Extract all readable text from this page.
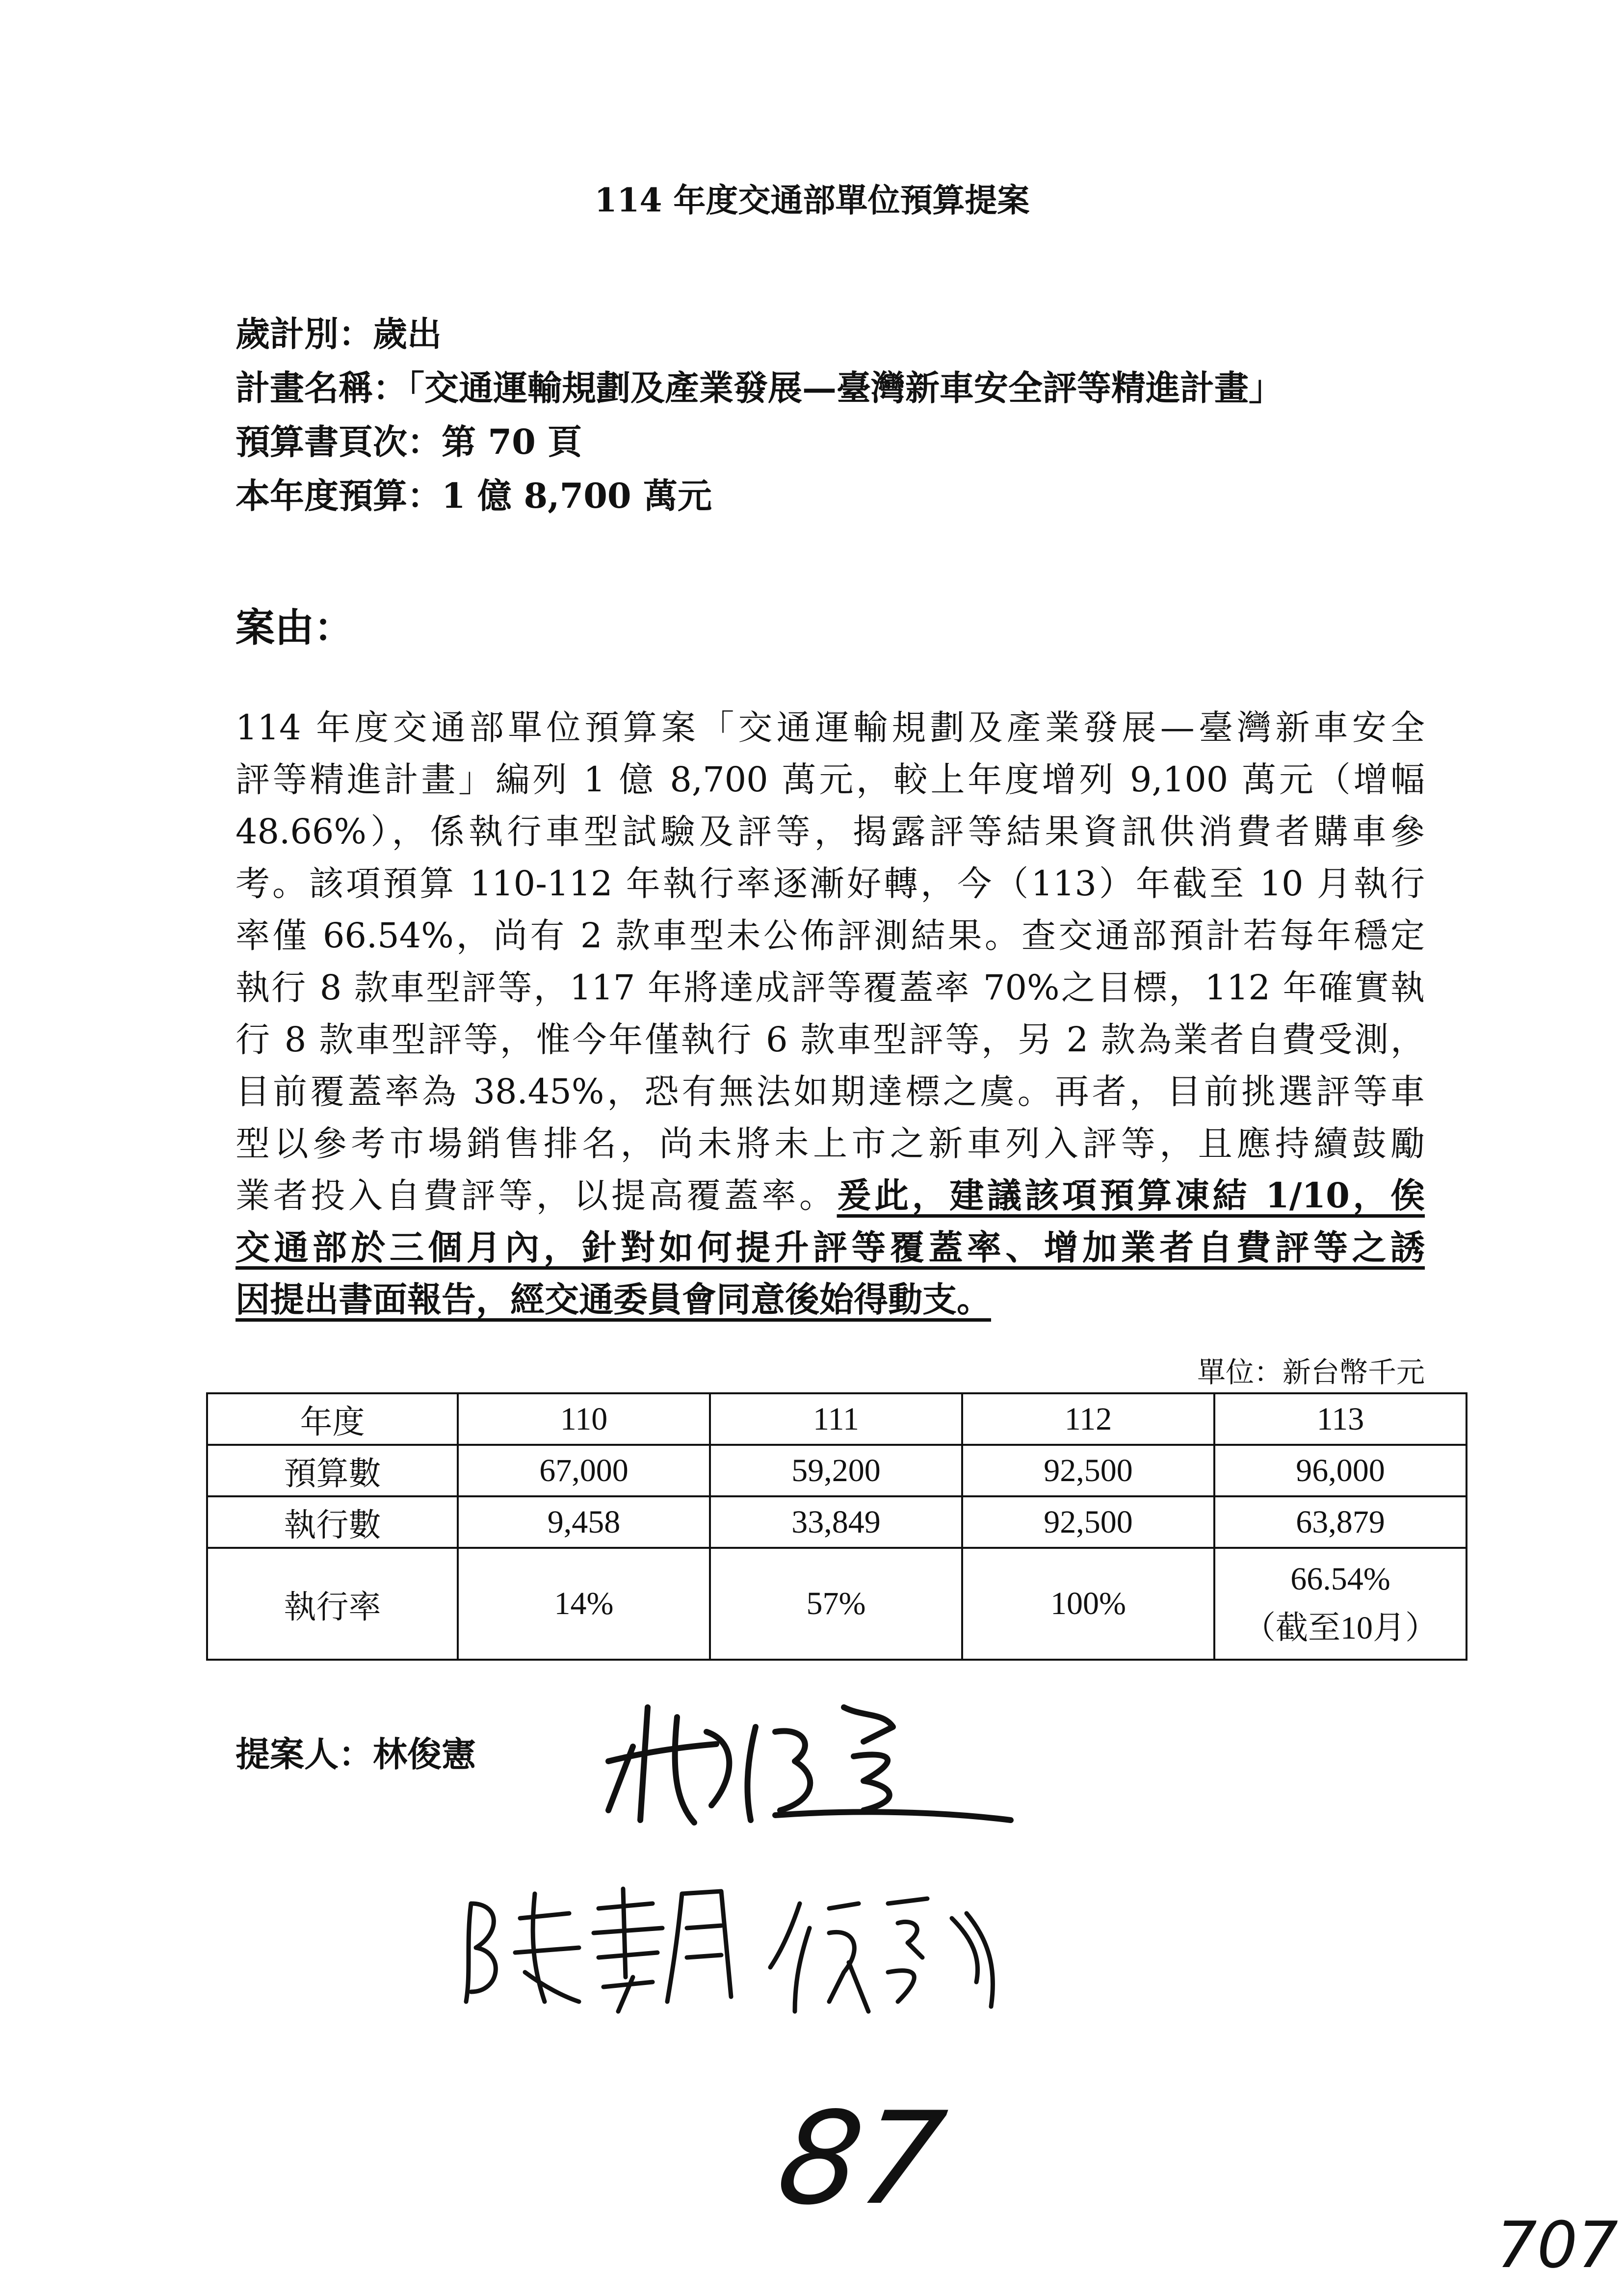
114 年度交通部單位預算提案
歲計別：歲出
計畫名稱：「交通運輸規劃及產業發展—臺灣新車安全評等精進計畫」
預算書頁次：第 70 頁
本年度預算：1 億 8,700 萬元
案由：
114 年度交通部單位預算案「交通運輸規劃及產業發展—臺灣新車安全
評等精進計畫」編列 1 億 8,700 萬元，較上年度增列 9,100 萬元（增幅
48.66%），係執行車型試驗及評等，揭露評等結果資訊供消費者購車參
考。該項預算 110-112 年執行率逐漸好轉，今（113）年截至 10 月執行
率僅 66.54%，尚有 2 款車型未公佈評測結果。查交通部預計若每年穩定
執行 8 款車型評等，117 年將達成評等覆蓋率 70%之目標，112 年確實執
行 8 款車型評等，惟今年僅執行 6 款車型評等，另 2 款為業者自費受測，
目前覆蓋率為 38.45%，恐有無法如期達標之虞。再者，目前挑選評等車
型以參考市場銷售排名，尚未將未上市之新車列入評等，且應持續鼓勵
業者投入自費評等，以提高覆蓋率。爰此，建議該項預算凍結 1/10，俟
交通部於三個月內，針對如何提升評等覆蓋率、增加業者自費評等之誘
因提出書面報告，經交通委員會同意後始得動支。
單位：新台幣千元
年度	110	111	112	113
預算數	67,000	59,200	92,500	96,000
執行數	9,458	33,849	92,500	63,879
執行率	14%	57%	100%	66.54%
（截至10月）
提案人：林俊憲
87
707
